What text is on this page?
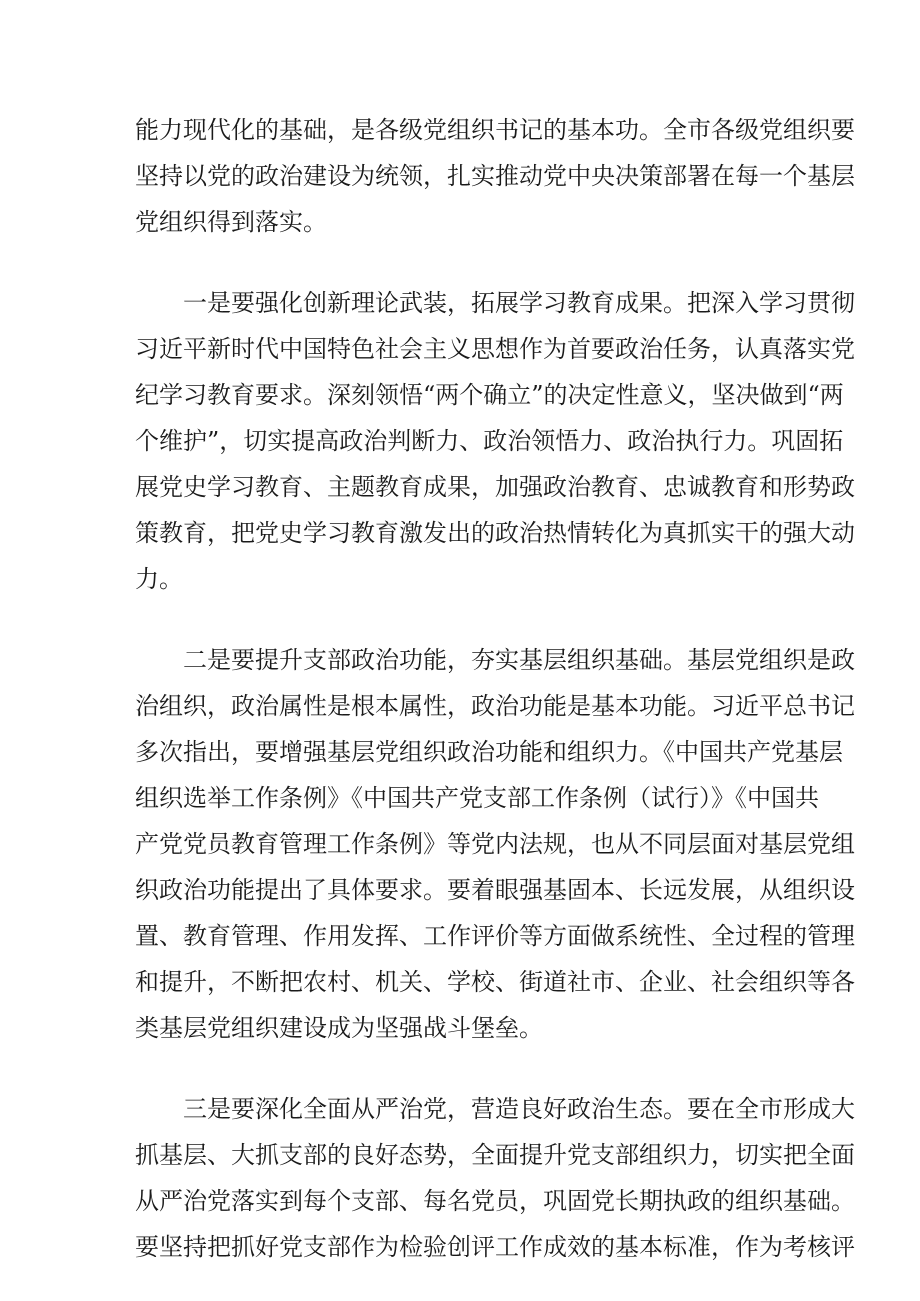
能力现代化的基础，是各级党组织书记的基本功。全市各级党组织要
坚持以党的政治建设为统领，扎实推动党中央决策部署在每一个基层
党组织得到落实。
一是要强化创新理论武装，拓展学习教育成果。把深入学习贯彻
习近平新时代中国特色社会主义思想作为首要政治任务，认真落实党
纪学习教育要求。深刻领悟“两个确立”的决定性意义，坚决做到“两
个维护”，切实提高政治判断力、政治领悟力、政治执行力。巩固拓
展党史学习教育、主题教育成果，加强政治教育、忠诚教育和形势政
策教育，把党史学习教育激发出的政治热情转化为真抓实干的强大动
力。
二是要提升支部政治功能，夯实基层组织基础。基层党组织是政
治组织，政治属性是根本属性，政治功能是基本功能。习近平总书记
多次指出，要增强基层党组织政治功能和组织力。《中国共产党基层
组织选举工作条例》《中国共产党支部工作条例（试行）》《中国共
产党党员教育管理工作条例》等党内法规，也从不同层面对基层党组
织政治功能提出了具体要求。要着眼强基固本、长远发展，从组织设
置、教育管理、作用发挥、工作评价等方面做系统性、全过程的管理
和提升，不断把农村、机关、学校、街道社市、企业、社会组织等各
类基层党组织建设成为坚强战斗堡垒。
三是要深化全面从严治党，营造良好政治生态。要在全市形成大
抓基层、大抓支部的良好态势，全面提升党支部组织力，切实把全面
从严治党落实到每个支部、每名党员，巩固党长期执政的组织基础。
要坚持把抓好党支部作为检验创评工作成效的基本标准，作为考核评
